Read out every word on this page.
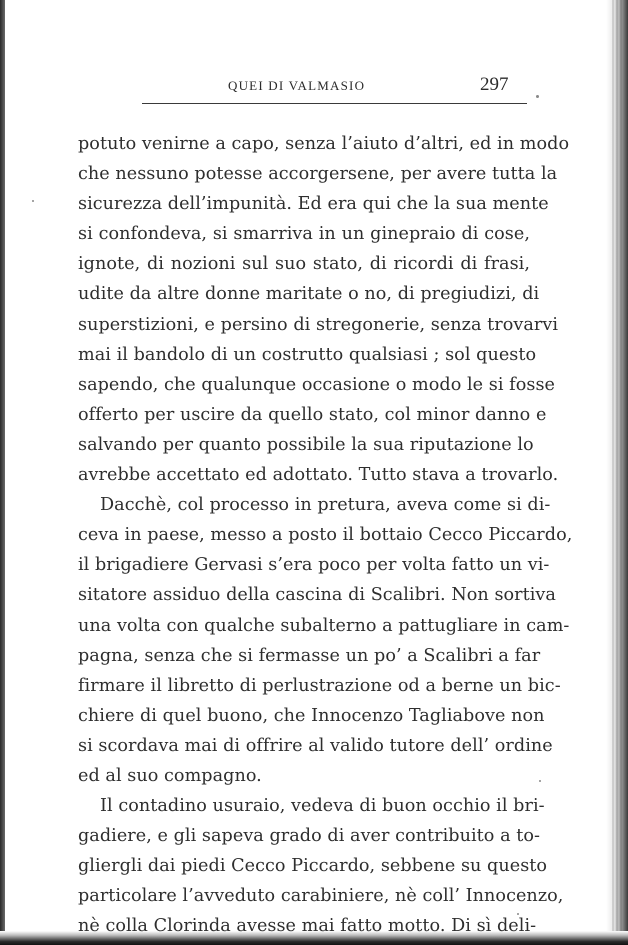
QUEI DI VALMASIO	297
potuto venirne a capo, senza l’aiuto d’altri, ed in modo
che nessuno potesse accorgersene, per avere tutta la
sicurezza dell’impunità. Ed era qui che la sua mente
si confondeva, si smarriva in un ginepraio di cose,
ignote, di nozioni sul suo stato, di ricordi di frasi,
udite da altre donne maritate o no, di pregiudizi, di
superstizioni, e persino di stregonerie, senza trovarvi
mai il bandolo di un costrutto qualsiasi ; sol questo
sapendo, che qualunque occasione o modo le si fosse
offerto per uscire da quello stato, col minor danno e
salvando per quanto possibile la sua riputazione lo
avrebbe accettato ed adottato. Tutto stava a trovarlo.
Dacchè, col processo in pretura, aveva come si di-
ceva in paese, messo a posto il bottaio Cecco Piccardo,
il brigadiere Gervasi s’era poco per volta fatto un vi-
sitatore assiduo della cascina di Scalibri. Non sortiva
una volta con qualche subalterno a pattugliare in cam-
pagna, senza che si fermasse un po’ a Scalibri a far
firmare il libretto di perlustrazione od a berne un bic-
chiere di quel buono, che Innocenzo Tagliabove non
si scordava mai di offrire al valido tutore dell’ ordine
ed al suo compagno.
Il contadino usuraio, vedeva di buon occhio il bri-
gadiere, e gli sapeva grado di aver contribuito a to-
gliergli dai piedi Cecco Piccardo, sebbene su questo
particolare l’avveduto carabiniere, nè coll’ Innocenzo,
nè colla Clorinda avesse mai fatto motto. Di sì deli-
